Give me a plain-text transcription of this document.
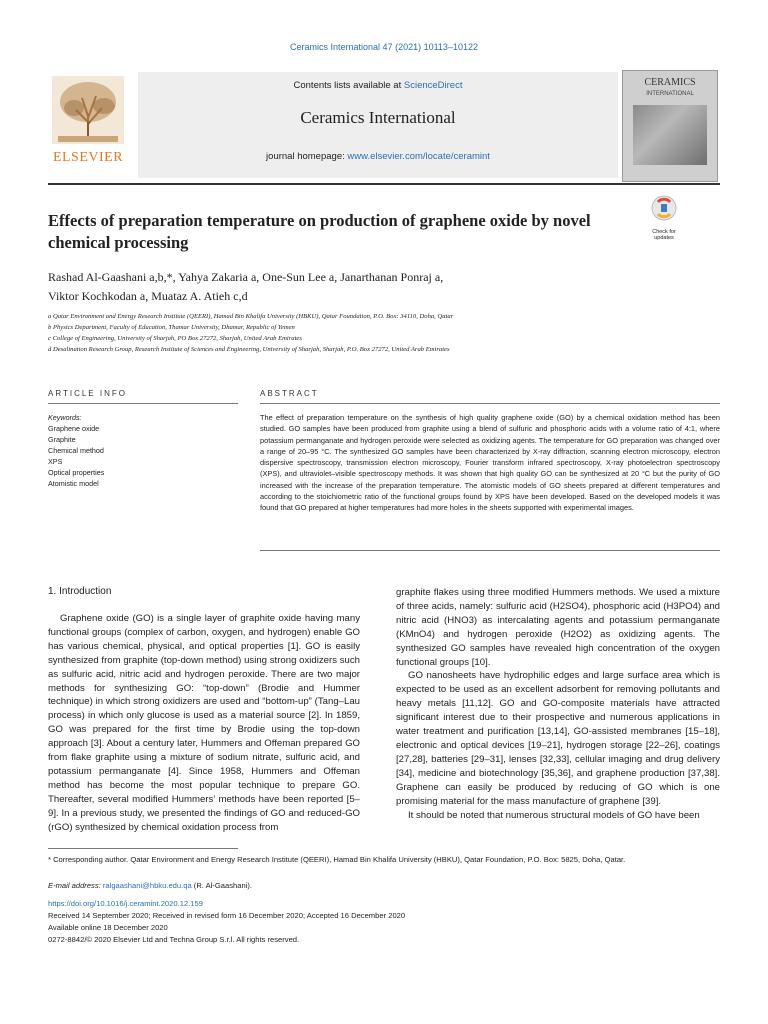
Ceramics International 47 (2021) 10113–10122
Contents lists available at ScienceDirect
Ceramics International
journal homepage: www.elsevier.com/locate/ceramint
ELSEVIER
CERAMICS
INTERNATIONAL
Effects of preparation temperature on production of graphene oxide by novel chemical processing
Check for updates
Rashad Al-Gaashani a,b,*, Yahya Zakaria a, One-Sun Lee a, Janarthanan Ponraj a,
Viktor Kochkodan a, Muataz A. Atieh c,d
a Qatar Environment and Energy Research Institute (QEERI), Hamad Bin Khalifa University (HBKU), Qatar Foundation, P.O. Box: 34110, Doha, Qatar
b Physics Department, Faculty of Education, Thamar University, Dhamar, Republic of Yemen
c College of Engineering, University of Sharjah, PO Box 27272, Sharjah, United Arab Emirates
d Desalination Research Group, Research Institute of Sciences and Engineering, University of Sharjah, Sharjah, P.O. Box 27272, United Arab Emirates
ARTICLE INFO	ABSTRACT
Keywords:
Graphene oxide
Graphite
Chemical method
XPS
Optical properties
Atomistic model
The effect of preparation temperature on the synthesis of high quality graphene oxide (GO) by a chemical oxidation method has been studied. GO samples have been produced from graphite using a blend of sulfuric and phosphoric acids with a volume ratio of 4:1, where potassium permanganate and hydrogen peroxide were selected as oxidizing agents. The temperature for GO preparation was changed over a range of 20–95 °C. The synthesized GO samples have been characterized by X-ray diffraction, scanning electron microscopy, electron dispersive spectroscopy, transmission electron microscopy, Fourier transform infrared spectroscopy, X-ray photoelectron spectroscopy (XPS), and ultraviolet–visible spectroscopy methods. It was shown that high quality GO can be synthesized at 20 °C but the purity of GO increased with the increase of the preparation temperature. The atomistic models of GO sheets prepared at different temperatures and according to the stoichiometric ratio of the functional groups found by XPS have been developed. Based on the developed models it was found that GO prepared at higher temperatures had more holes in the sheets supported with experimental images.
1. Introduction

Graphene oxide (GO) is a single layer of graphite oxide having many functional groups (complex of carbon, oxygen, and hydrogen) enable GO has various chemical, physical, and optical properties [1]. GO is easily synthesized from graphite (top-down method) using strong oxidizers such as sulfuric acid, nitric acid and hydrogen peroxide. There are two major methods for synthesizing GO: “top-down” (Brodie and Hummer technique) in which strong oxidizers are used and “bottom-up” (Tang–Lau process) in which only glucose is used as a material source [2]. In 1859, GO was prepared for the first time by Brodie using the top-down approach [3]. About a century later, Hummers and Offeman prepared GO from flake graphite using a mixture of sodium nitrate, sulfuric acid, and potassium permanganate [4]. Since 1958, Hummers and Offeman method has become the most popular technique to prepare GO. Thereafter, several modified Hummers’ methods have been reported [5–9]. In a previous study, we presented the findings of GO and reduced-GO (rGO) synthesized by chemical oxidation process from

graphite flakes using three modified Hummers methods. We used a mixture of three acids, namely: sulfuric acid (H2SO4), phosphoric acid (H3PO4) and nitric acid (HNO3) as intercalating agents and potassium permanganate (KMnO4) and hydrogen peroxide (H2O2) as oxidizing agents. The synthesized GO samples have revealed high concentration of the oxygen functional groups [10].

GO nanosheets have hydrophilic edges and large surface area which is expected to be used as an excellent adsorbent for removing pollutants and heavy metals [11,12]. GO and GO-composite materials have attracted significant interest due to their prospective and numerous applications in water treatment and purification [13,14], GO-assisted membranes [15–18], electronic and optical devices [19–21], hydrogen storage [22–26], coatings [27,28], batteries [29–31], lenses [32,33], cellular imaging and drug delivery [34], medicine and biotechnology [35,36], and graphene production [37,38]. Graphene can easily be produced by reducing of GO which is one promising material for the mass manufacture of graphene [39].

It should be noted that numerous structural models of GO have been

* Corresponding author. Qatar Environment and Energy Research Institute (QEERI), Hamad Bin Khalifa University (HBKU), Qatar Foundation, P.O. Box: 5825, Doha, Qatar.
E-mail address: ralgaashani@hbku.edu.qa (R. Al-Gaashani).
https://doi.org/10.1016/j.ceramint.2020.12.159
Received 14 September 2020; Received in revised form 16 December 2020; Accepted 16 December 2020
Available online 18 December 2020
0272-8842/© 2020 Elsevier Ltd and Techna Group S.r.l. All rights reserved.
